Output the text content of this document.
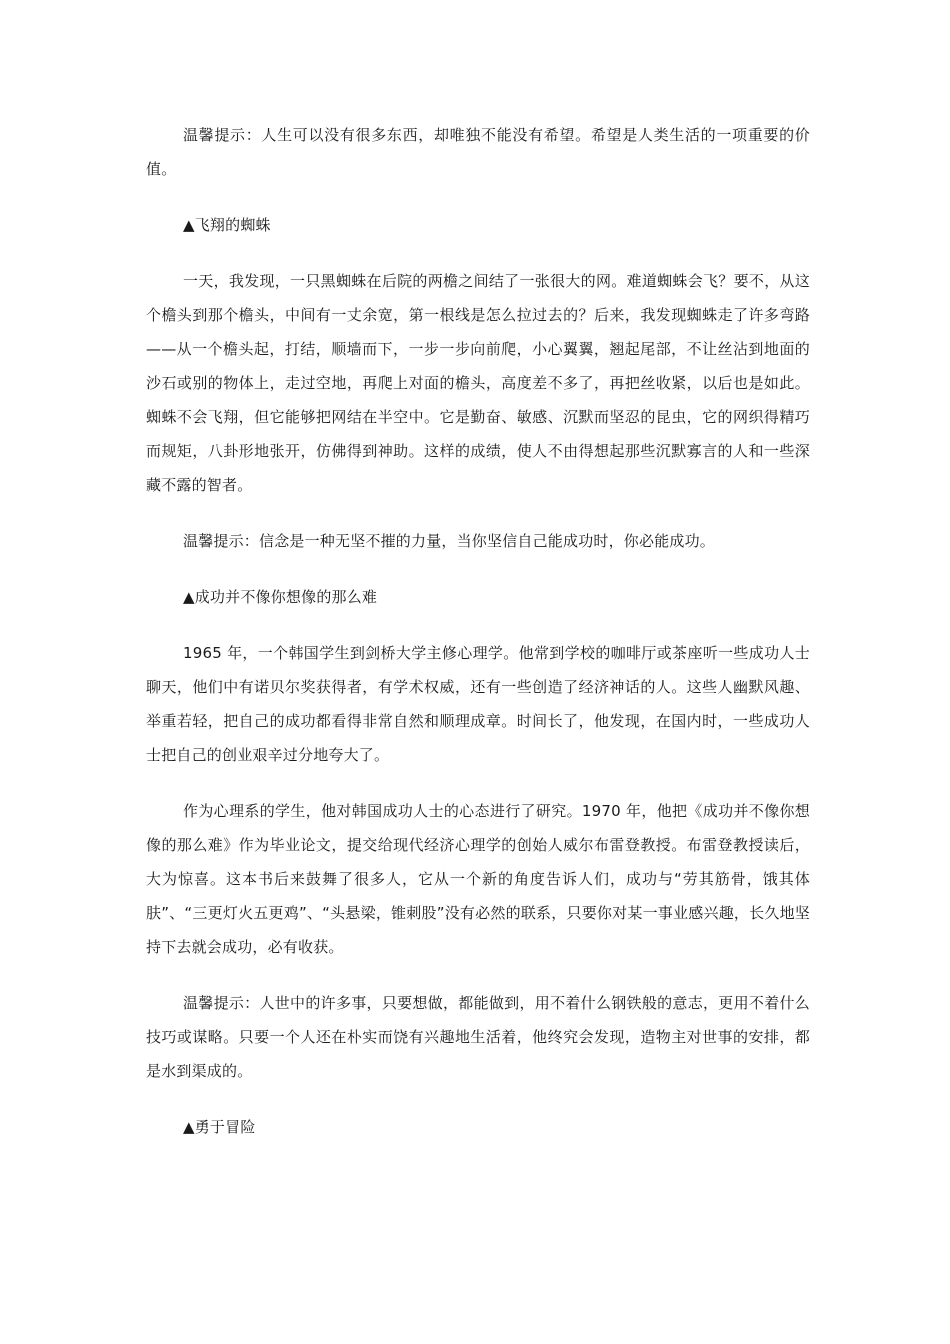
温馨提示：人生可以没有很多东西，却唯独不能没有希望。希望是人类生活的一项重要的价值。

▲飞翔的蜘蛛

一天，我发现，一只黑蜘蛛在后院的两檐之间结了一张很大的网。难道蜘蛛会飞？要不，从这个檐头到那个檐头，中间有一丈余宽，第一根线是怎么拉过去的？后来，我发现蜘蛛走了许多弯路——从一个檐头起，打结，顺墙而下，一步一步向前爬，小心翼翼，翘起尾部，不让丝沾到地面的沙石或别的物体上，走过空地，再爬上对面的檐头，高度差不多了，再把丝收紧，以后也是如此。蜘蛛不会飞翔，但它能够把网结在半空中。它是勤奋、敏感、沉默而坚忍的昆虫，它的网织得精巧而规矩，八卦形地张开，仿佛得到神助。这样的成绩，使人不由得想起那些沉默寡言的人和一些深藏不露的智者。

温馨提示：信念是一种无坚不摧的力量，当你坚信自己能成功时，你必能成功。

▲成功并不像你想像的那么难

1965 年，一个韩国学生到剑桥大学主修心理学。他常到学校的咖啡厅或茶座听一些成功人士聊天，他们中有诺贝尔奖获得者，有学术权威，还有一些创造了经济神话的人。这些人幽默风趣、举重若轻，把自己的成功都看得非常自然和顺理成章。时间长了，他发现，在国内时，一些成功人士把自己的创业艰辛过分地夸大了。

作为心理系的学生，他对韩国成功人士的心态进行了研究。1970 年，他把《成功并不像你想像的那么难》作为毕业论文，提交给现代经济心理学的创始人威尔布雷登教授。布雷登教授读后，大为惊喜。这本书后来鼓舞了很多人，它从一个新的角度告诉人们，成功与“劳其筋骨，饿其体肤”、“三更灯火五更鸡”、“头悬梁，锥刺股”没有必然的联系，只要你对某一事业感兴趣，长久地坚持下去就会成功，必有收获。

温馨提示：人世中的许多事，只要想做，都能做到，用不着什么钢铁般的意志，更用不着什么技巧或谋略。只要一个人还在朴实而饶有兴趣地生活着，他终究会发现，造物主对世事的安排，都是水到渠成的。

▲勇于冒险
